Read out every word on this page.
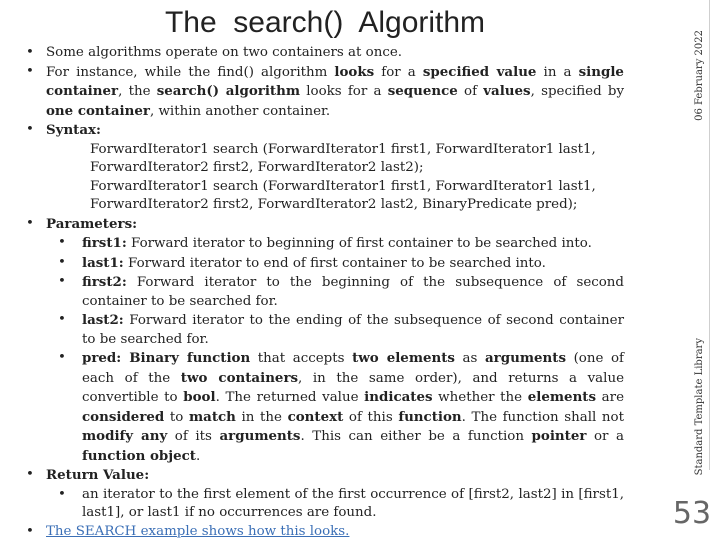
The  search()  Algorithm
• Some algorithms operate on two containers at once.
• For instance, while the find() algorithm looks for a specified value in a single container, the search() algorithm looks for a sequence of values, specified by one container, within another container.
• Syntax:
ForwardIterator1 search (ForwardIterator1 first1, ForwardIterator1 last1,
ForwardIterator2 first2, ForwardIterator2 last2);
ForwardIterator1 search (ForwardIterator1 first1, ForwardIterator1 last1,
ForwardIterator2 first2, ForwardIterator2 last2, BinaryPredicate pred);
• Parameters:
• first1: Forward iterator to beginning of first container to be searched into.
• last1: Forward iterator to end of first container to be searched into.
• first2: Forward iterator to the beginning of the subsequence of second container to be searched for.
• last2: Forward iterator to the ending of the subsequence of second container to be searched for.
• pred: Binary function that accepts two elements as arguments (one of each of the two containers, in the same order), and returns a value convertible to bool. The returned value indicates whether the elements are considered to match in the context of this function. The function shall not modify any of its arguments. This can either be a function pointer or a function object.
• Return Value:
• an iterator to the first element of the first occurrence of [first2, last2] in [first1, last1], or last1 if no occurrences are found.
• The SEARCH example shows how this looks.
06 February 2022
Standard Template Library
53
